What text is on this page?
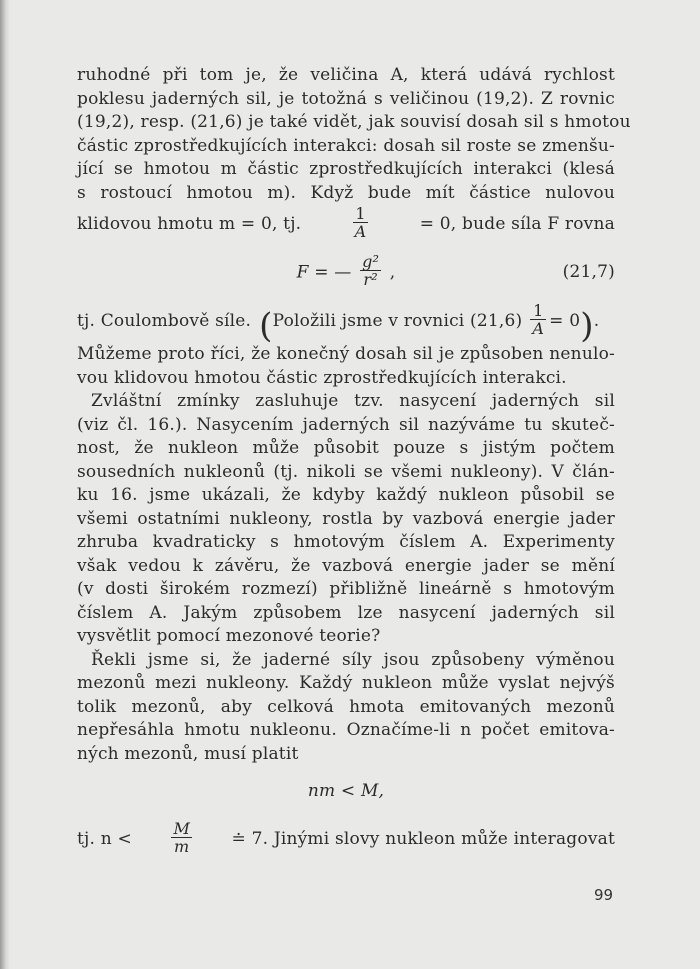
ruhodné při tom je, že veličina A, která udává rychlost
poklesu jaderných sil, je totožná s veličinou (19,2). Z rovnic
(19,2), resp. (21,6) je také vidět, jak souvisí dosah sil s hmotou
částic zprostředkujících interakci: dosah sil roste se zmenšu-
jící se hmotou m částic zprostředkujících interakci (klesá
s rostoucí hmotou m). Když bude mít částice nulovou
klidovou hmotu m = 0, tj.	$\frac{1}{A}$	= 0, bude síla F rovna
F = — $\frac{\text{g²}}{\text{r²}}$ ,	(21,7)
tj. Coulombově síle. ( Položili jsme v rovnici $(21,6) \frac{1}{A} = 0$ ) .
Můžeme proto říci, že konečný dosah sil je způsoben nenulo-
vou klidovou hmotou částic zprostředkujících interakci.
Zvláštní zmínky zasluhuje tzv. nasycení jaderných sil
(viz čl. 16.). Nasycením jaderných sil nazýváme tu skuteč-
nost, že nukleon může působit pouze s jistým počtem
sousedních nukleonů (tj. nikoli se všemi nukleony). V člán-
ku 16. jsme ukázali, že kdyby každý nukleon působil se
všemi ostatními nukleony, rostla by vazbová energie jader
zhruba kvadraticky s hmotovým číslem A. Experimenty
však vedou k závěru, že vazbová energie jader se mění
(v dosti širokém rozmezí) přibližně lineárně s hmotovým
číslem A. Jakým způsobem lze nasycení jaderných sil
vysvětlit pomocí mezonové teorie?
Řekli jsme si, že jaderné síly jsou způsobeny výměnou
mezonů mezi nukleony. Každý nukleon může vyslat nejvýš
tolik mezonů, aby celková hmota emitovaných mezonů
nepřesáhla hmotu nukleonu. Označíme-li n počet emitova-
ných mezonů, musí platit
nm < M,
tj. $n < \frac{M}{m}$ ≐ 7. Jinými slovy nukleon může interagovat
99
